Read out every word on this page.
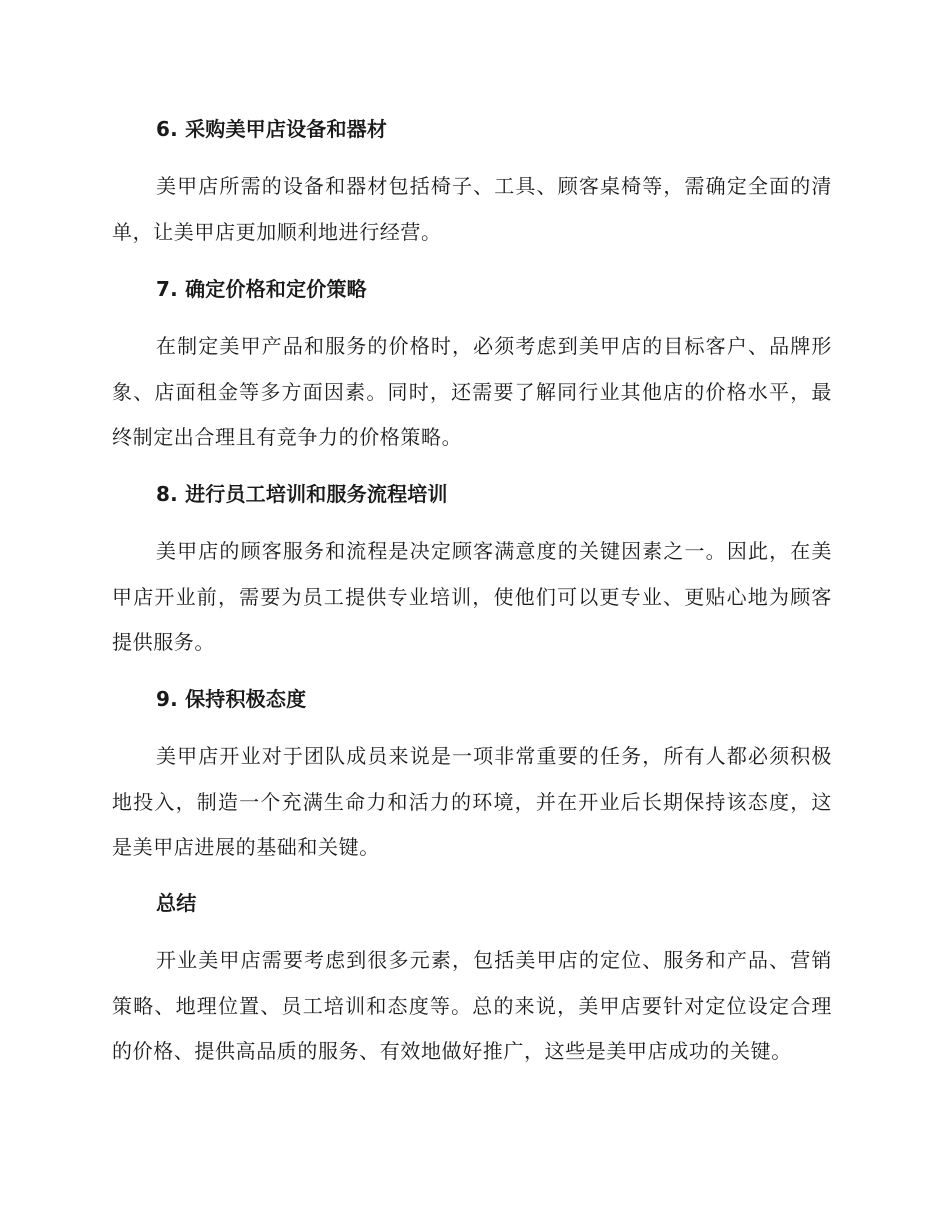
6. 采购美甲店设备和器材

美甲店所需的设备和器材包括椅子、工具、顾客桌椅等，需确定全面的清单，让美甲店更加顺利地进行经营。

7. 确定价格和定价策略

在制定美甲产品和服务的价格时，必须考虑到美甲店的目标客户、品牌形象、店面租金等多方面因素。同时，还需要了解同行业其他店的价格水平，最终制定出合理且有竞争力的价格策略。

8. 进行员工培训和服务流程培训

美甲店的顾客服务和流程是决定顾客满意度的关键因素之一。因此，在美甲店开业前，需要为员工提供专业培训，使他们可以更专业、更贴心地为顾客提供服务。

9. 保持积极态度

美甲店开业对于团队成员来说是一项非常重要的任务，所有人都必须积极地投入，制造一个充满生命力和活力的环境，并在开业后长期保持该态度，这是美甲店进展的基础和关键。

总结

开业美甲店需要考虑到很多元素，包括美甲店的定位、服务和产品、营销策略、地理位置、员工培训和态度等。总的来说，美甲店要针对定位设定合理的价格、提供高品质的服务、有效地做好推广，这些是美甲店成功的关键。
